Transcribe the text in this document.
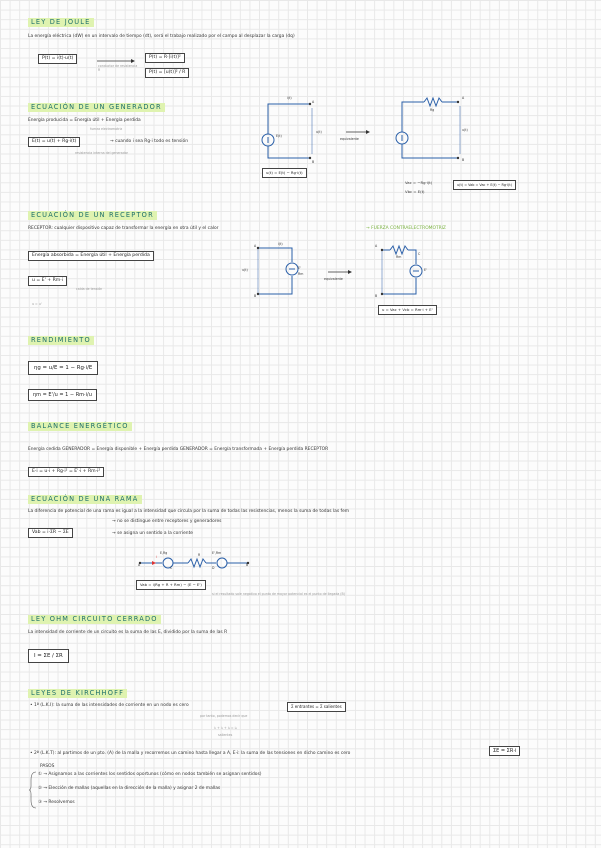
LEY DE JOULE
La energía eléctrica (dW) en un intervalo de tiempo (dt), será el trabajo realizado por el campo al desplazar la carga (dq)
P(t) = i(t)·u(t)
conductor de resistencia R
P(t) = R·[i(t)]²
P(t) = [u(t)]² / R
ECUACIÓN DE UN GENERADOR
Energía producida = Energía útil + Energía perdida
fuerza electromotriz
E(t) = u(t) + Rg·i(t)	→ cuando i sea Rg·i todo es tensión
resistencia interna del generador
i(t)
A
B
E(t)
u(t)
u(t) = E(t) − Rg·i(t)
equivalente
Rg
A
B
u(t)
Vac = −Rg·i(t)
Vbc = E(t)
u(t) = Vab = Vac + E(t) − Rg·i(t)
ECUACIÓN DE UN RECEPTOR
RECEPTOR: cualquier dispositivo capaz de transformar la energía en otra útil y el calor	→ FUERZA CONTRAELECTROMOTRIZ
Energía absorbida = Energía útil + Energía perdida
u = E' + Rm·i
caída de tensión
u = u'
A
B
i(t)
u(t)	E'
Rm
equivalente
A
B
C
Rm
E'
u = Vac + Vcb = Rm·i + E'
RENDIMIENTO
ηg = u/E = 1 − Rg·i/E
ηm = E'/u = 1 − Rm·i/u
BALANCE ENERGÉTICO
Energía cedida GENERADOR = Energía disponible + Energía perdida GENERADOR = Energía transformada + Energía perdida RECEPTOR
E·i = u·i + Rg·i² = E'·i + Rm·i²
ECUACIÓN DE UNA RAMA
La diferencia de potencial de una rama es igual a la intensidad que circula por la suma de todas las resistencias, menos la suma de todas las fem
Vab = i·ΣR − ΣE
→ no se distingue entre receptores y generadores
→ se asigna un sentido a la corriente
A
i
E,Rg
C
R	E',Rm
D
B
Vab = i(Rg + R + Rm) − (E − E')
si el resultado sale negativo el punto de mayor potencial es el punto de llegada (B)
LEY OHM CIRCUITO CERRADO
La intensidad de corriente de un circuito es la suma de las E, dividido por la suma de las R
I = ΣE / ΣR
LEYES DE KIRCHHOFF
• 1ª (L.K.I): la suma de las intensidades de corriente en un nodo es cero	Σ entrantes = Σ salientes
por tanto, podemos decir que
i₁ + i₂ + i₃ = i₄
salientes
• 2ª (L.K.T): al partimos de un pto. (A) de la malla y recorremos un camino hasta llegar a A, E·i: la suma de las tensiones en dicho camino es cero	ΣE = ΣR·i
PASOS
① → Asignamos a las corrientes los sentidos oportunos (cómo en nodos también se asignan sentidos)
② → Elección de mallas (aquellas en la dirección de la malla) y asignar 2 de mallas
③ → Resolvemos
